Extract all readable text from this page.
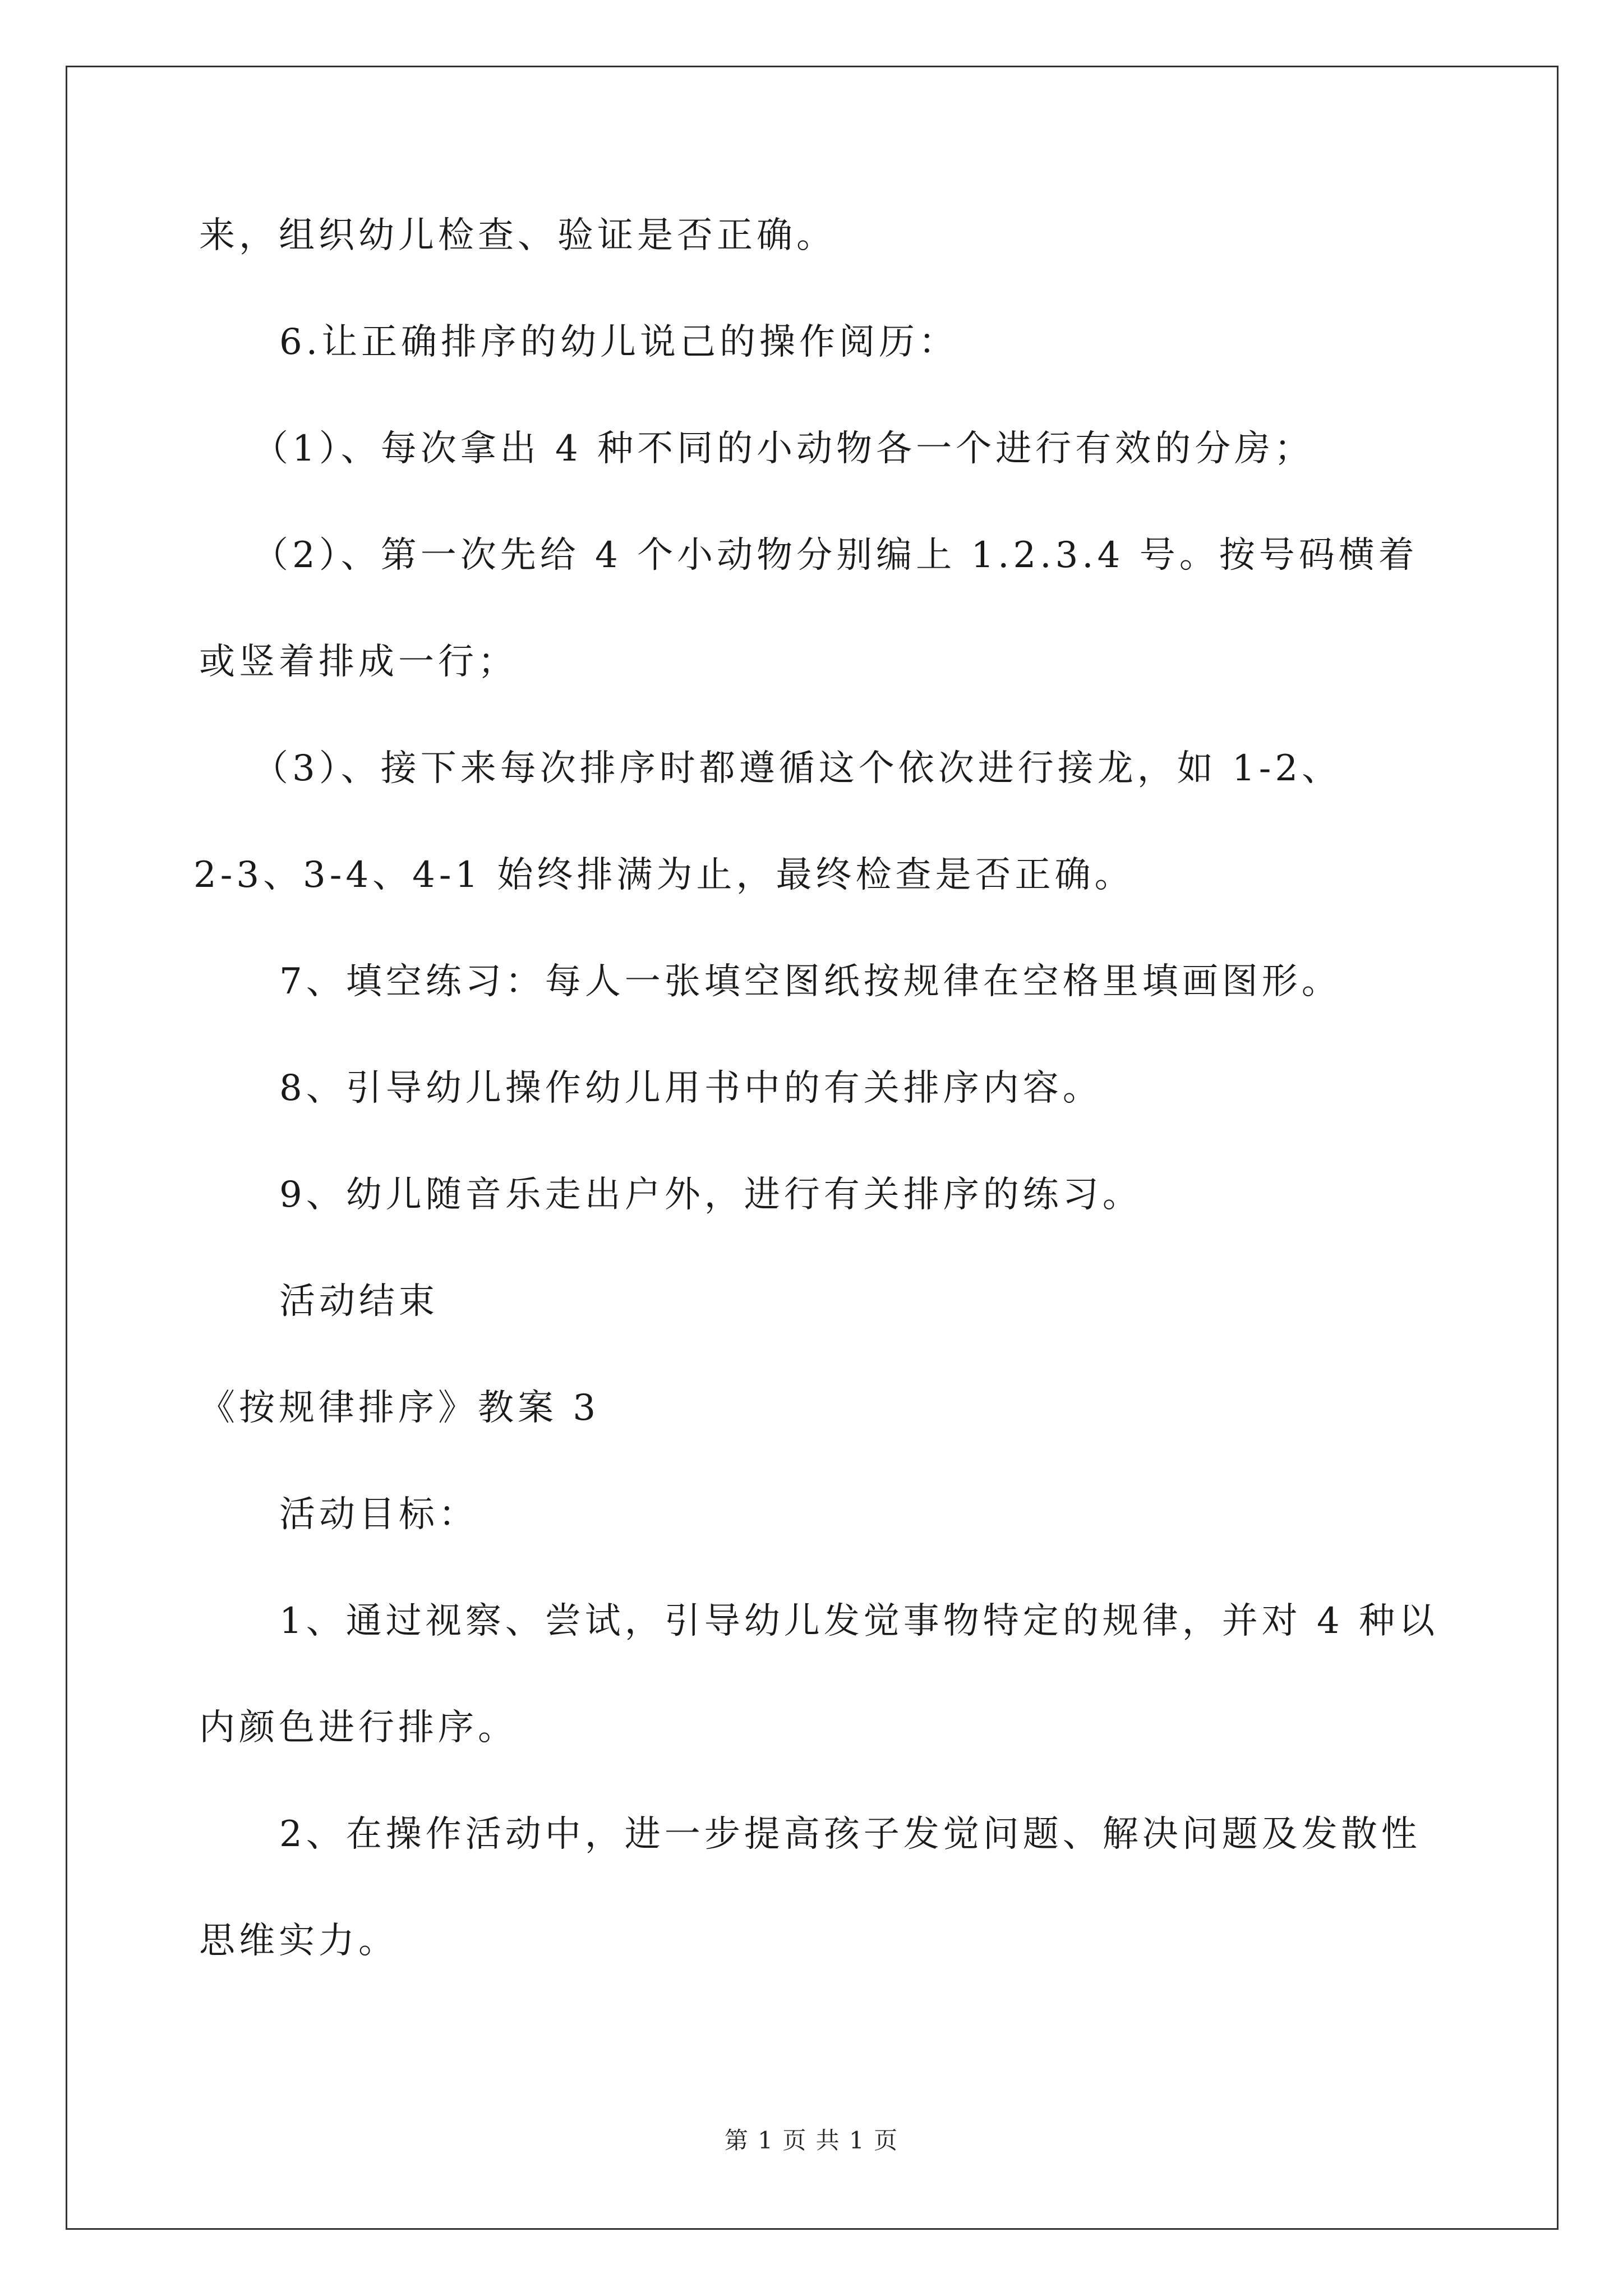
来，组织幼儿检查、验证是否正确。
6.让正确排序的幼儿说己的操作阅历：
（1）、每次拿出 4 种不同的小动物各一个进行有效的分房；
（2）、第一次先给 4 个小动物分别编上 1.2.3.4 号。按号码横着
或竖着排成一行；
（3）、接下来每次排序时都遵循这个依次进行接龙，如 1-2、
2-3、3-4、4-1 始终排满为止，最终检查是否正确。
7、填空练习：每人一张填空图纸按规律在空格里填画图形。
8、引导幼儿操作幼儿用书中的有关排序内容。
9、幼儿随音乐走出户外，进行有关排序的练习。
活动结束
《按规律排序》教案 3
活动目标：
1、通过视察、尝试，引导幼儿发觉事物特定的规律，并对 4 种以
内颜色进行排序。
2、在操作活动中，进一步提高孩子发觉问题、解决问题及发散性
思维实力。
第 1 页 共 1 页
